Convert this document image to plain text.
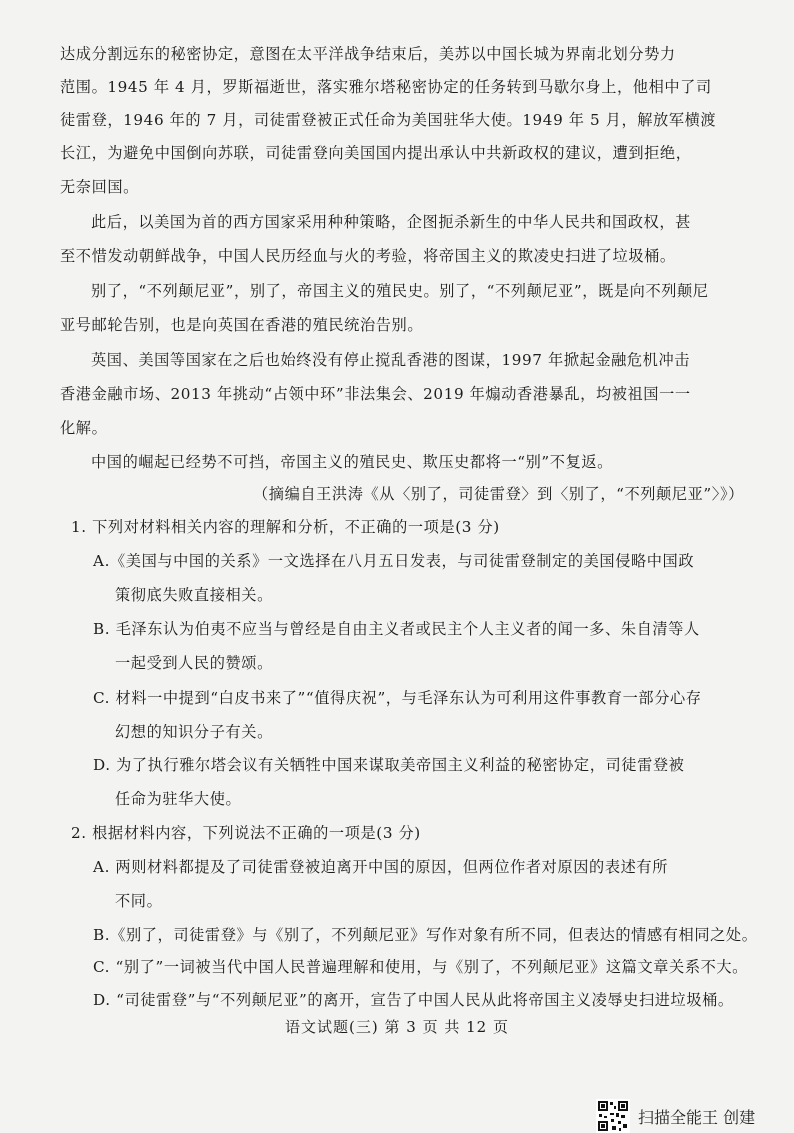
达成分割远东的秘密协定，意图在太平洋战争结束后，美苏以中国长城为界南北划分势力
范围。1945 年 4 月，罗斯福逝世，落实雅尔塔秘密协定的任务转到马歇尔身上，他相中了司
徒雷登，1946 年的 7 月，司徒雷登被正式任命为美国驻华大使。1949 年 5 月，解放军横渡
长江，为避免中国倒向苏联，司徒雷登向美国国内提出承认中共新政权的建议，遭到拒绝，
无奈回国。
此后，以美国为首的西方国家采用种种策略，企图扼杀新生的中华人民共和国政权，甚
至不惜发动朝鲜战争，中国人民历经血与火的考验，将帝国主义的欺凌史扫进了垃圾桶。
别了，“不列颠尼亚”，别了，帝国主义的殖民史。别了，“不列颠尼亚”，既是向不列颠尼
亚号邮轮告别，也是向英国在香港的殖民统治告别。
英国、美国等国家在之后也始终没有停止搅乱香港的图谋，1997 年掀起金融危机冲击
香港金融市场、2013 年挑动“占领中环”非法集会、2019 年煽动香港暴乱，均被祖国一一
化解。
中国的崛起已经势不可挡，帝国主义的殖民史、欺压史都将一“别”不复返。
（摘编自王洪涛《从〈别了，司徒雷登〉到〈别了，“不列颠尼亚”〉》）
1. 下列对材料相关内容的理解和分析，不正确的一项是(3 分)
A.《美国与中国的关系》一文选择在八月五日发表，与司徒雷登制定的美国侵略中国政
策彻底失败直接相关。
B. 毛泽东认为伯夷不应当与曾经是自由主义者或民主个人主义者的闻一多、朱自清等人
一起受到人民的赞颂。
C. 材料一中提到“白皮书来了”“值得庆祝”，与毛泽东认为可利用这件事教育一部分心存
幻想的知识分子有关。
D. 为了执行雅尔塔会议有关牺牲中国来谋取美帝国主义利益的秘密协定，司徒雷登被
任命为驻华大使。
2. 根据材料内容，下列说法不正确的一项是(3 分)
A. 两则材料都提及了司徒雷登被迫离开中国的原因，但两位作者对原因的表述有所
不同。
B.《别了，司徒雷登》与《别了，不列颠尼亚》写作对象有所不同，但表达的情感有相同之处。
C. “别了”一词被当代中国人民普遍理解和使用，与《别了，不列颠尼亚》这篇文章关系不大。
D. “司徒雷登”与“不列颠尼亚”的离开，宣告了中国人民从此将帝国主义凌辱史扫进垃圾桶。
语文试题(三) 第 3 页 共 12 页
扫描全能王 创建
